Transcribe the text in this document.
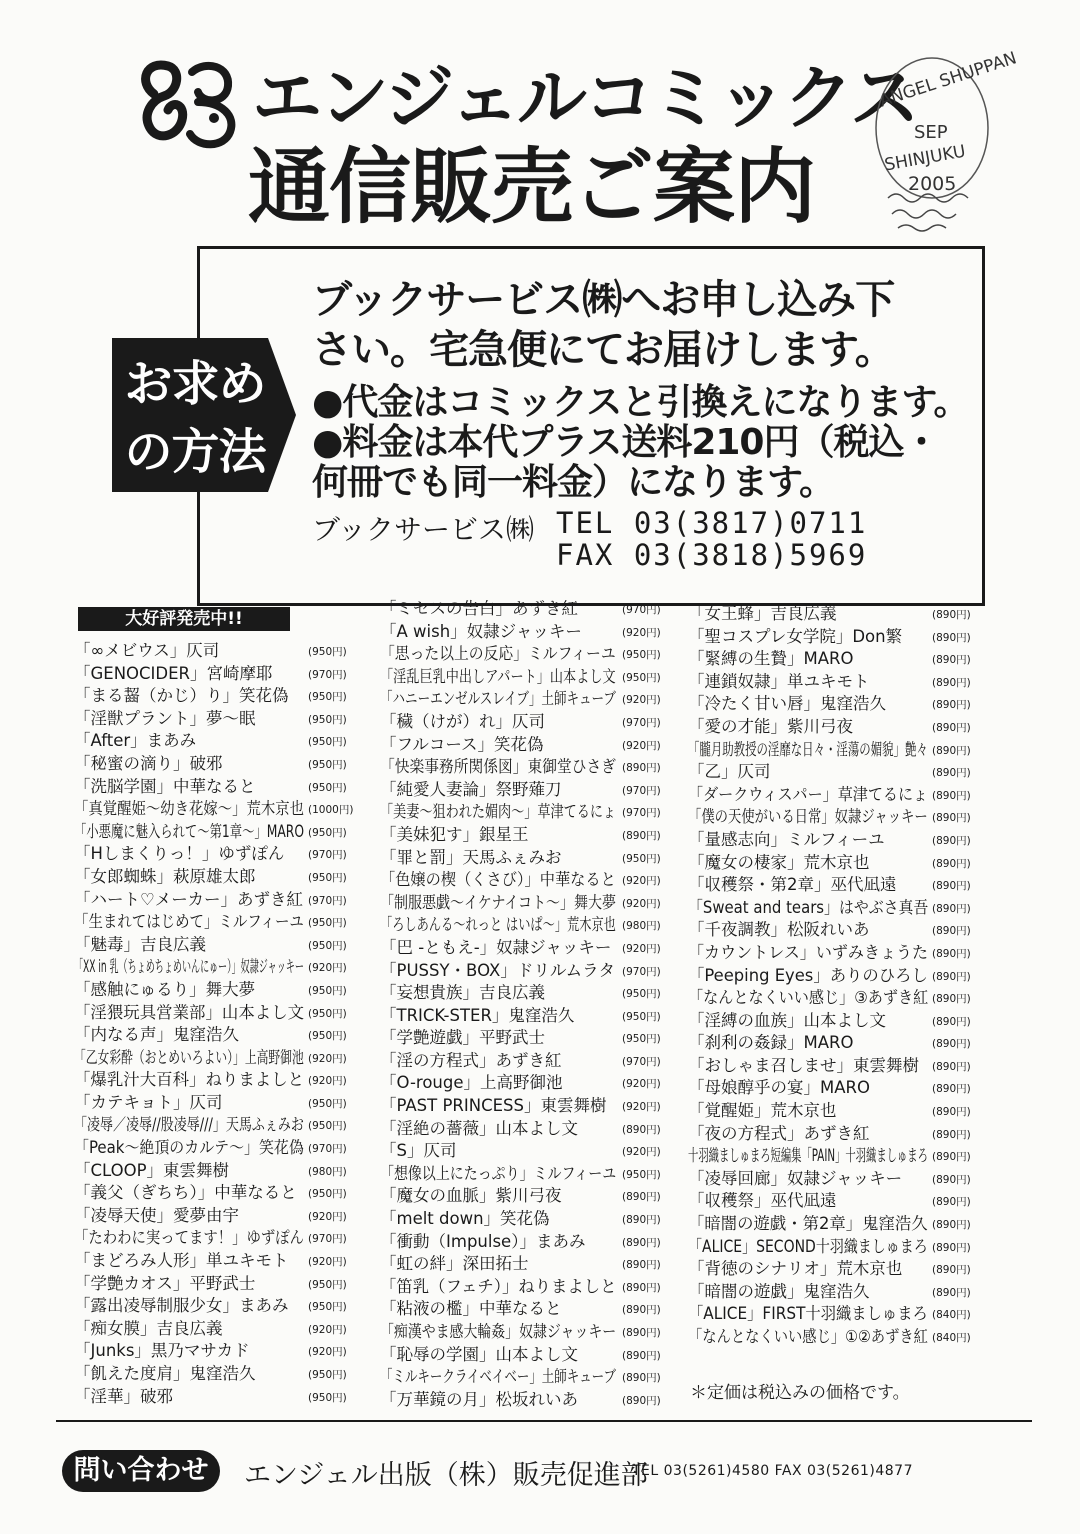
エンジェルコミックス
通信販売ご案内
ANGEL SHUPPAN
SEP
SHINJUKU
2005
お求め
の方法
ブックサービス㈱へお申し込み下
さい。宅急便にてお届けします。
●代金はコミックスと引換えになります。
●料金は本代プラス送料210円（税込・
何冊でも同一料金）になります。
ブックサービス㈱ TEL 03(3817)0711
FAX 03(3818)5969
大好評発売中!!
「∞メビウス」仄司	(950円)
「GENOCIDER」宮崎摩耶	(970円)
「まる齧（かじ）り」笑花偽 (950円)
「淫獣プラント」夢〜眠	(950円)
「After」まあみ	(950円)
「秘蜜の滴り」破邪	(950円)
「洗脳学園」中華なると	(950円)
「真覚醒姫〜幼き花嫁〜」荒木京也 (1000円)
「小悪魔に魅入られて〜第1章〜」MARO (950円)
「Hしまくりっ！」ゆずぽん (970円)
「女郎蜘蛛」萩原雄太郎	(950円)
「ハート♡メーカー」あずき紅 (970円)
「生まれてはじめて」ミルフィーユ (950円)
「魅毒」吉良広義	(950円)
「XX in 乳（ちょめちょめいんにゅー）」奴隷ジャッキー (920円)
「感触にゅるり」舞大夢	(950円)
「淫猥玩具営業部」山本よし文 (950円)
「内なる声」鬼窪浩久	(950円)
「乙女彩酔（おとめいろよい）」上高野御池 (920円)
「爆乳汁大百科」ねりまよしと (920円)
「カテキョト」仄司	(950円)
「凌辱／凌辱//股凌辱///」天馬ふぇみお (950円)
「Peak〜絶頂のカルテ〜」笑花偽 (970円)
「CLOOP」東雲舞樹	(980円)
「義父（ぎちち）」中華なると (950円)
「凌辱天使」愛夢由宇	(920円)
「たわわに実ってます！」ゆずぽん (970円)
「まどろみ人形」単ユキモト (920円)
「学艶カオス」平野武士	(950円)
「露出凌辱制服少女」まあみ (950円)
「痴女膜」吉良広義	(920円)
「Junks」黒乃マサカド	(920円)
「飢えた度肩」鬼窪浩久	(950円)
「淫華」破邪	(950円)
「ミセスの告白」あずき紅	(970円)
「A wish」奴隷ジャッキー	(920円)
「思った以上の反応」ミルフィーユ (950円)
「淫乱巨乳中出しアパート」山本よし文 (950円)
「ハニーエンゼルスレイブ」土師キューブ (920円)
「穢（けが）れ」仄司	(970円)
「フルコース」笑花偽	(920円)
「快楽事務所関係図」東御堂ひさぎ (890円)
「純愛人妻論」祭野薙刀	(970円)
「美妻〜狙われた媚肉〜」草津てるにょ (970円)
「美妹犯す」銀星王	(890円)
「罪と罰」天馬ふぇみお	(950円)
「色嬢の楔（くさび）」中華なると (920円)
「制服悪戯〜イケナイコト〜」舞大夢 (920円)
「ろしあんる〜れっと はいぱ〜」荒木京也 (980円)
「巴 -ともえ-」奴隷ジャッキー (920円)
「PUSSY・BOX」ドリルムラタ (970円)
「妄想貴族」吉良広義	(950円)
「TRICK-STER」鬼窪浩久	(950円)
「学艶遊戯」平野武士	(950円)
「淫の方程式」あずき紅	(970円)
「O-rouge」上高野御池	(920円)
「PAST PRINCESS」東雲舞樹 (920円)
「淫絶の薔薇」山本よし文	(890円)
「S」仄司	(920円)
「想像以上にたっぷり」ミルフィーユ (950円)
「魔女の血脈」紫川弓夜	(890円)
「melt down」笑花偽	(890円)
「衝動（Impulse）」まあみ	(890円)
「虹の絆」深田拓士	(890円)
「笛乳（フェチ）」ねりまよしと (890円)
「粘液の檻」中華なると	(890円)
「痴漢やま感大輪姦」奴隷ジャッキー (890円)
「恥辱の学園」山本よし文	(890円)
「ミルキークライベイベー」土師キューブ (890円)
「万華鏡の月」松坂れいあ	(890円)
「女王蜂」吉良広義	(890円)
「聖コスプレ女学院」Don繁	(890円)
「緊縛の生贄」MARO	(890円)
「連鎖奴隷」単ユキモト	(890円)
「冷たく甘い唇」鬼窪浩久	(890円)
「愛の才能」紫川弓夜	(890円)
「朧月助教授の淫靡な日々・淫蕩の媚貌」艶々 (890円)
「乙」仄司	(890円)
「ダークウィスパー」草津てるにょ (890円)
「僕の天使がいる日常」奴隷ジャッキー (890円)
「量感志向」ミルフィーユ	(890円)
「魔女の棲家」荒木京也	(890円)
「収穫祭・第2章」巫代凪遠	(890円)
「Sweat and tears」はやぶさ真吾 (890円)
「千夜調教」松阪れいあ	(890円)
「カウントレス」いずみきょうた (890円)
「Peeping Eyes」ありのひろし (890円)
「なんとなくいい感じ」③あずき紅 (890円)
「淫縛の血族」山本よし文	(890円)
「刹利の姦録」MARO	(890円)
「おしゃま召しませ」東雲舞樹 (890円)
「母娘醇乎の宴」MARO	(890円)
「覚醒姫」荒木京也	(890円)
「夜の方程式」あずき紅	(890円)
十羽織ましゅまろ短編集「PAIN」十羽織ましゅまろ (890円)
「凌辱回廊」奴隷ジャッキー	(890円)
「収穫祭」巫代凪遠	(890円)
「暗闇の遊戯・第2章」鬼窪浩久 (890円)
「ALICE」SECOND十羽織ましゅまろ (890円)
「背徳のシナリオ」荒木京也	(890円)
「暗闇の遊戯」鬼窪浩久	(890円)
「ALICE」FIRST十羽織ましゅまろ (840円)
「なんとなくいい感じ」①②あずき紅 (840円)
＊定価は税込みの価格です。
問い合わせ	エンジェル出版（株）販売促進部
TEL 03(5261)4580 FAX 03(5261)4877
